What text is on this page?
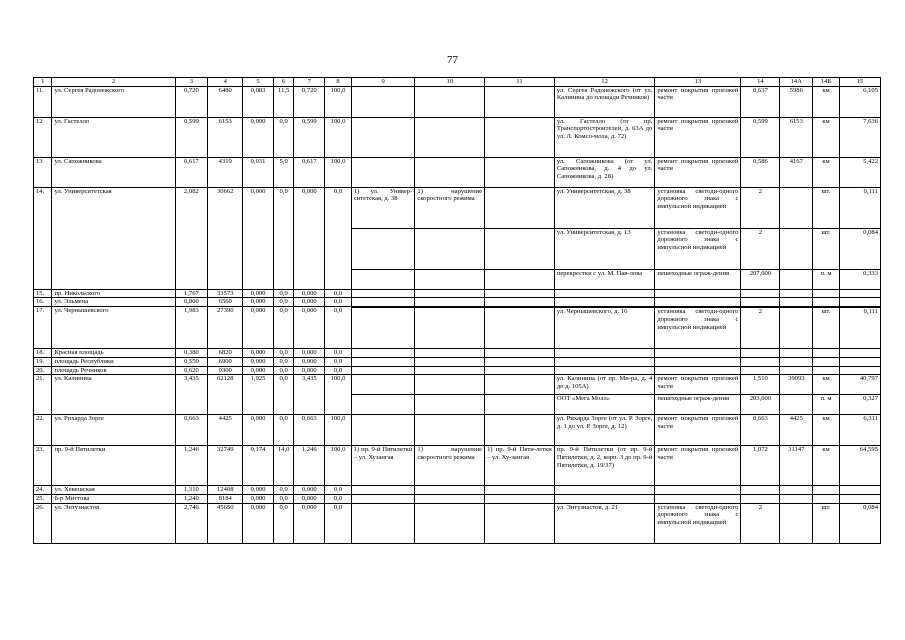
77
1	2	3	4	5	6	7	8	9	10	11	12	13	14	14А	14Б	15
11.	ул. Сергея Радонежского	0,720	6480	0,083	11,5	0,720	100,0				ул. Сергея Радонежского (от ул. Калинина до площади Речников)	ремонт покрытия проезжей части	0,637	5986	км	6,105
12	ул. Гастелло	0,599	6153	0,000	0,0	0,599	100,0				ул. Гастелло (от пр. Транспортостроителей, д. 63А до ул. Л. Комсо-мола, д. 72)	ремонт покрытия проезжей части	0,599	6153	км	7,636
13	ул. Сапожникова	0,617	4319	0,031	5,0	0,617	100,0				ул. Сапожникова (от ул. Сапожникова, д. 4 до ул. Сапожникова, д. 28)	ремонт покрытия проезжей части	0,586	4167	км	5,422
14.	ул. Университетская	2,082	30662	0,000	0,0	0,000	0,0	1) ул. Универ-ситетская, д. 38	1) нарушение скоростного режима		ул. Университетская, д. 38	установка светоди-одного дорожного знака с импульсной индикацией	2		шт.	0,111
											ул. Университетская, д. 13	установка светоди-одного дорожного знака с импульсной индикацией	2		шт.	0,084
											перекрестки с ул. М. Пав-лова	пешеходные ограж-дения	207,000		п. м	0,333
15.	пр. Никольского	1,767	33573	0,000	0,0	0,000	0,0									
16.	ул. Эльмена	0,800	6560	0,000	0,0	0,000	0,0									
17.	ул. Чернышевского	1,983	27390	0,000	0,0	0,000	0,0									
											ул. Чернышевского, д. 16	установка светоди-одного дорожного знака с импульсной индикацией	2		шт.	0,111
18.	Красная площадь	0,380	6820	0,000	0,0	0,000	0,0									
19.	площадь Республики	0,550	6900	0,000	0,0	0,000	0,0									
20.	площадь Речников	0,620	9300	0,000	0,0	0,000	0,0									
21.	ул. Калинина	3,435	62128	1,925	0,0	3,435	100,0				ул. Калинина (от пр. Ми-ра, д. 4 до д. 105А)	ремонт покрытия проезжей части	1,510	39093	км	40,797
											ООТ «Мега Молл»	пешеходные ограж-дения	203,000		п. м	0,327
22.	ул. Рихарда Зорге	0,663	4425	0,000	0,0	0,663	100,0				ул. Рихарда Зорге (от ул. Р. Зорге, д. 1 до ул. Р. Зорге, д. 12)	ремонт покрытия проезжей части	0,663	4425	км	6,311
23.	пр. 9-й Пятилетки	1,246	32749	0,174	14,0	1,246	100,0	1) пр. 9-й Пятилетки – ул. Хузангая	1) нарушение скоростного режима	1) пр. 9-й Пяти-летки – ул. Ху-зангая	пр. 9-й Пятилетки (от пр. 9-й Пятилетки, д. 2, корп. 3 до пр. 9-й Пятилетки, д. 19/37)	ремонт покрытия проезжей части	1,072	31147	км	64,595
24.	ул. Хевешская	1,310	12408	0,000	0,0	0,000	0,0									
25.	б-р Миттова	1,240	8184	0,000	0,0	0,000	0,0									
26.	ул. Энтузиастов	2,746	45650	0,000	0,0	0,000	0,0				ул. Энтузиастов, д. 21	установка светоди-одного дорожного знака с импульсной индикацией	2		шт.	0,084
